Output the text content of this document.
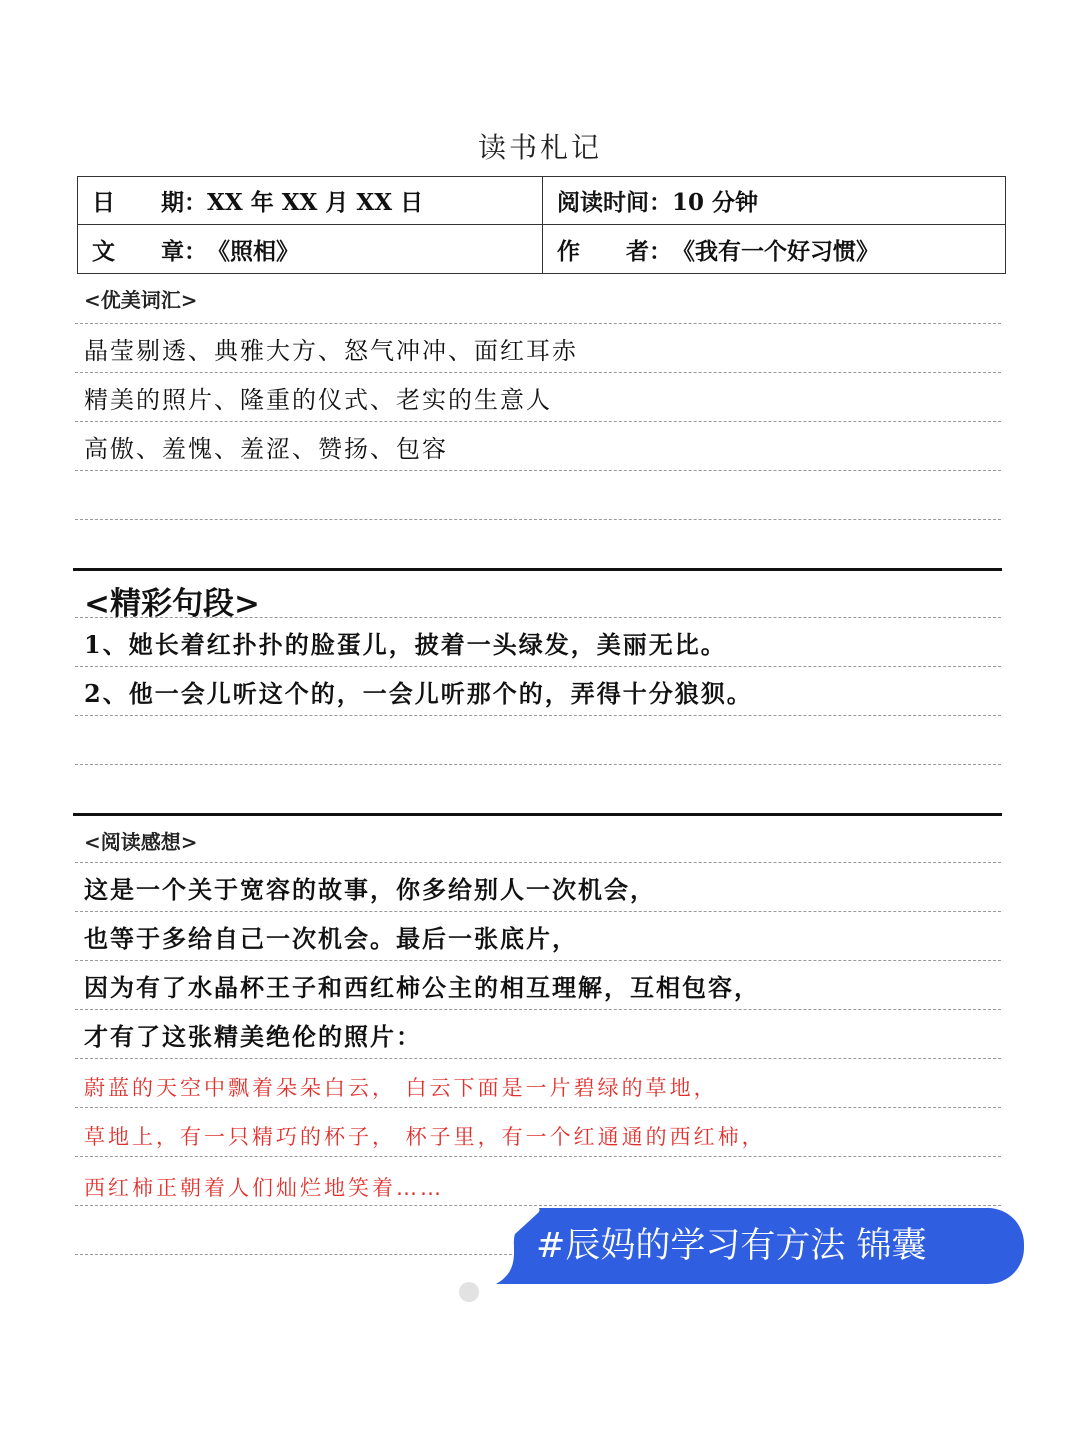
读书札记
日　　期： XX 年 XX 月 XX 日	阅读时间： 10 分钟
文　　章： 《照相》	作　　者： 《我有一个好习惯》
<优美词汇>
晶莹剔透、典雅大方、怒气冲冲、面红耳赤
精美的照片、隆重的仪式、老实的生意人
高傲、羞愧、羞涩、赞扬、包容
<精彩句段>
1、她长着红扑扑的脸蛋儿，披着一头绿发，美丽无比。
2、他一会儿听这个的，一会儿听那个的，弄得十分狼狈。
<阅读感想>
这是一个关于宽容的故事，你多给别人一次机会，
也等于多给自己一次机会。最后一张底片，
因为有了水晶杯王子和西红柿公主的相互理解，互相包容，
才有了这张精美绝伦的照片：
蔚蓝的天空中飘着朵朵白云， 白云下面是一片碧绿的草地，
草地上，有一只精巧的杯子， 杯子里，有一个红通通的西红柿，
西红柿正朝着人们灿烂地笑着……
#辰妈的学习有方法 锦囊
